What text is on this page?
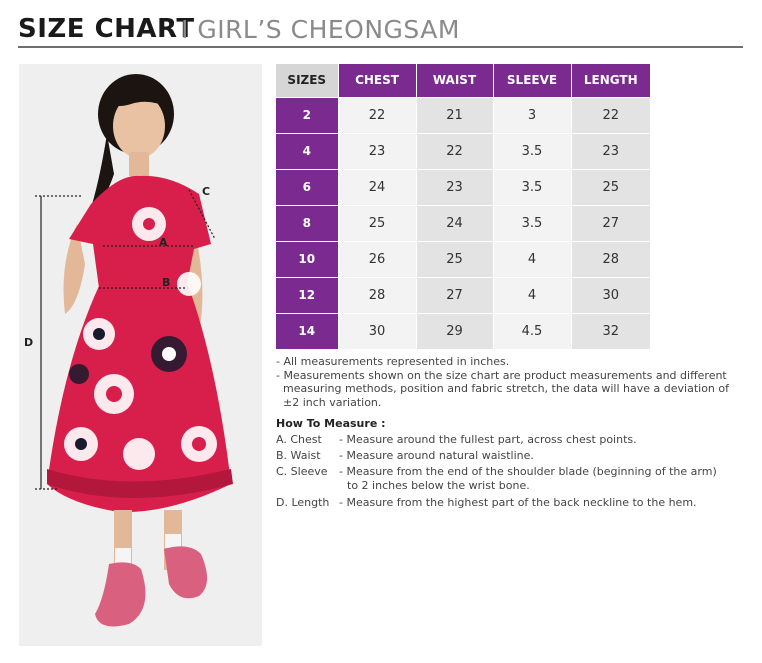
SIZE CHART
I GIRL’S CHEONGSAM
C
D
A
B
SIZES	CHEST	WAIST	SLEEVE	LENGTH
2	22	21	3	22
4	23	22	3.5	23
6	24	23	3.5	25
8	25	24	3.5	27
10	26	25	4	28
12	28	27	4	30
14	30	29	4.5	32
- All measurements represented in inches.
- Measurements shown on the size chart are product measurements and different
measuring methods, position and fabric stretch, the data will have a deviation of
±2 inch variation.
How To Measure :
A. Chest - Measure around the fullest part, across chest points.
B. Waist - Measure around natural waistline.
C. Sleeve - Measure from the end of the shoulder blade (beginning of the arm)
to 2 inches below the wrist bone.
D. Length - Measure from the highest part of the back neckline to the hem.
